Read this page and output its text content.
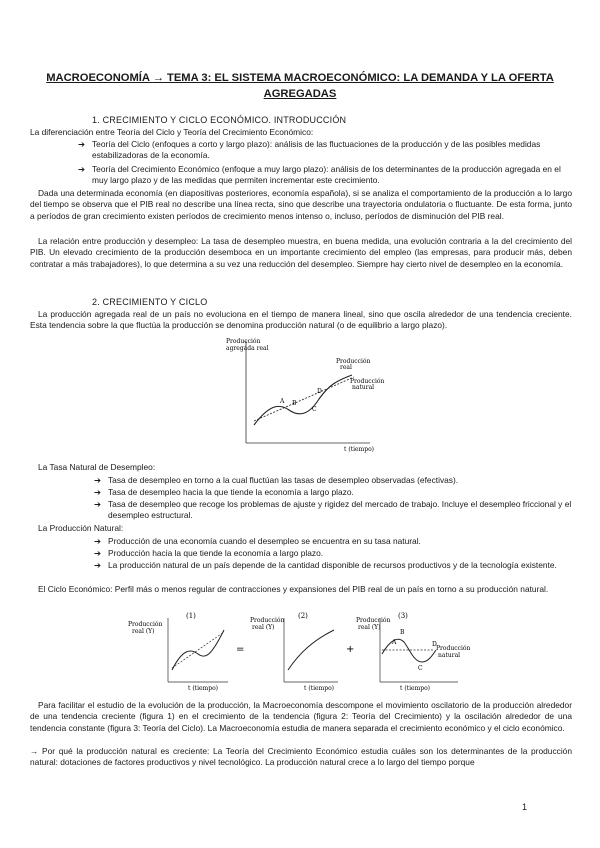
MACROECONOMÍA → TEMA 3: EL SISTEMA MACROECONÓMICO: LA DEMANDA Y LA OFERTA AGREGADAS
1. CRECIMIENTO Y CICLO ECONÓMICO. INTRODUCCIÓN
La diferenciación entre Teoría del Ciclo y Teoría del Crecimiento Económico:
➔ Teoría del Ciclo (enfoques a corto y largo plazo): análisis de las fluctuaciones de la producción y de las posibles medidas estabilizadoras de la economía.
➔ Teoría del Crecimiento Económico (enfoque a muy largo plazo): análisis de los determinantes de la producción agregada en el muy largo plazo y de las medidas que permiten incrementar este crecimiento.
Dada una determinada economía (en diapositivas posteriores, economía española), si se analiza el comportamiento de la producción a lo largo del tiempo se observa que el PIB real no describe una línea recta, sino que describe una trayectoria ondulatoria o fluctuante. De esta forma, junto a períodos de gran crecimiento existen períodos de crecimiento menos intenso o, incluso, períodos de disminución del PIB real.
La relación entre producción y desempleo: La tasa de desempleo muestra, en buena medida, una evolución contraria a la del crecimiento del PIB. Un elevado crecimiento de la producción desemboca en un importante crecimiento del empleo (las empresas, para producir más, deben contratar a más trabajadores), lo que determina a su vez una reducción del desempleo. Siempre hay cierto nivel de desempleo en la economía.
2. CRECIMIENTO Y CICLO
La producción agregada real de un país no evoluciona en el tiempo de manera lineal, sino que oscila alrededor de una tendencia creciente. Esta tendencia sobre la que fluctúa la producción se denomina producción natural (o de equilibrio a largo plazo).
Producción
agregada real
t (tiempo)
Producción
real
Producción
natural
A B
C
D
La Tasa Natural de Desempleo:
➔ Tasa de desempleo en torno a la cual fluctúan las tasas de desempleo observadas (efectivas).
➔ Tasa de desempleo hacia la que tiende la economía a largo plazo.
➔ Tasa de desempleo que recoge los problemas de ajuste y rigidez del mercado de trabajo. Incluye el desempleo friccional y el desempleo estructural.
La Producción Natural:
➔ Producción de una economía cuando el desempleo se encuentra en su tasa natural.
➔ Producción hacia la que tiende la economía a largo plazo.
➔ La producción natural de un país depende de la cantidad disponible de recursos productivos y de la tecnología existente.
El Ciclo Económico: Perfil más o menos regular de contracciones y expansiones del PIB real de un país en torno a su producción natural.
(1)
Producción
real (Y)
t (tiempo)
=
(2)
Producción
real (Y)
t (tiempo)
+
(3)
Producción
real (Y)
A
B
C
D
Producción
natural
t (tiempo)
Para facilitar el estudio de la evolución de la producción, la Macroeconomía descompone el movimiento oscilatorio de la producción alrededor de una tendencia creciente (figura 1) en el crecimiento de la tendencia (figura 2: Teoría del Crecimiento) y la oscilación alrededor de una tendencia constante (figura 3: Teoría del Ciclo). La Macroeconomía estudia de manera separada el crecimiento económico y el ciclo económico.
→ Por qué la producción natural es creciente: La Teoría del Crecimiento Económico estudia cuáles son los determinantes de la producción natural: dotaciones de factores productivos y nivel tecnológico. La producción natural crece a lo largo del tiempo porque
1
